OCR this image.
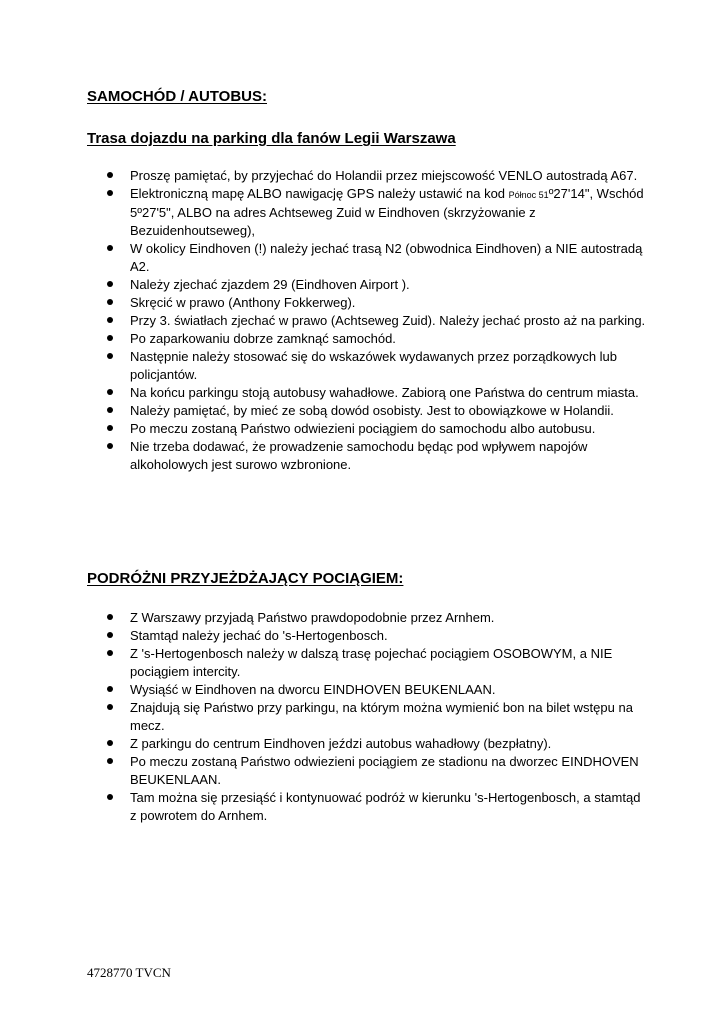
SAMOCHÓD / AUTOBUS:
Trasa dojazdu na parking dla fanów Legii Warszawa
Proszę pamiętać, by przyjechać do Holandii przez miejscowość VENLO autostradą A67.
Elektroniczną mapę ALBO nawigację GPS należy ustawić na kod Północ 51º27'14", Wschód 5º27'5", ALBO na adres Achtseweg Zuid w Eindhoven (skrzyżowanie z Bezuidenhoutseweg),
W okolicy Eindhoven (!) należy jechać trasą N2 (obwodnica Eindhoven) a NIE autostradą A2.
Należy zjechać zjazdem 29 (Eindhoven Airport ).
Skręcić w prawo (Anthony Fokkerweg).
Przy 3. światłach zjechać w prawo (Achtseweg Zuid). Należy jechać prosto aż na parking.
Po zaparkowaniu dobrze zamknąć samochód.
Następnie należy stosować się do wskazówek wydawanych przez porządkowych lub policjantów.
Na końcu parkingu stoją autobusy wahadłowe. Zabiorą one Państwa do centrum miasta.
Należy pamiętać, by mieć ze sobą dowód osobisty. Jest to obowiązkowe w Holandii.
Po meczu zostaną Państwo odwiezieni pociągiem do samochodu albo autobusu.
Nie trzeba dodawać, że prowadzenie samochodu będąc pod wpływem napojów alkoholowych jest surowo wzbronione.
PODRÓŻNI PRZYJEŻDŻAJĄCY POCIĄGIEM:
Z Warszawy przyjadą Państwo prawdopodobnie przez Arnhem.
Stamtąd należy jechać do 's-Hertogenbosch.
Z 's-Hertogenbosch należy w dalszą trasę pojechać pociągiem OSOBOWYM, a NIE pociągiem intercity.
Wysiąść w Eindhoven na dworcu EINDHOVEN BEUKENLAAN.
Znajdują się Państwo przy parkingu, na którym można wymienić bon na bilet wstępu na mecz.
Z parkingu do centrum Eindhoven jeździ autobus wahadłowy (bezpłatny).
Po meczu zostaną Państwo odwiezieni pociągiem ze stadionu na dworzec EINDHOVEN BEUKENLAAN.
Tam można się przesiąść i kontynuować podróż w kierunku 's-Hertogenbosch, a stamtąd z powrotem do Arnhem.

4728770 TVCN
